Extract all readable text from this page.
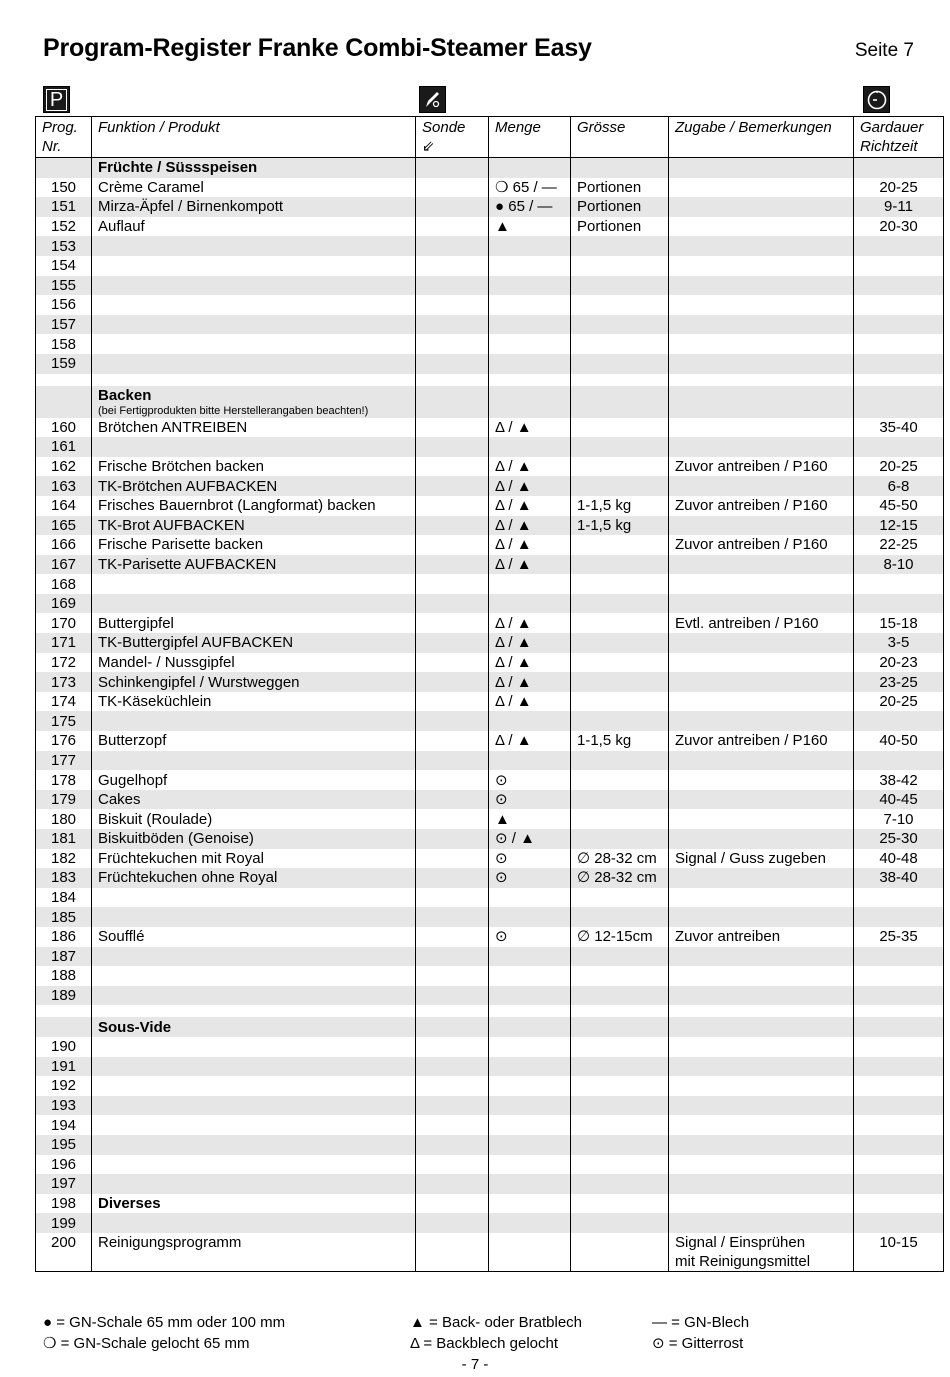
Program-Register Franke Combi-Steamer Easy	Seite 7
P
Prog. Nr.	Funktion / Produkt	Sonde ⇙	Menge	Grösse	Zugabe / Bemerkungen	Gardauer Richtzeit
	Früchte / Süssspeisen					
150	Crème Caramel		❍ 65 / —	Portionen		20-25
151	Mirza-Äpfel / Birnenkompott		● 65 / —	Portionen		9-11
152	Auflauf		▲	Portionen		20-30
153						
154						
155						
156						
157						
158						
159						

	Backen
(bei Fertigprodukten bitte Herstellerangaben beachten!)					

160	Brötchen ANTREIBEN		Δ / ▲			35-40
161						
162	Frische Brötchen backen		Δ / ▲		Zuvor antreiben / P160	20-25
163	TK-Brötchen AUFBACKEN		Δ / ▲			6-8
164	Frisches Bauernbrot (Langformat) backen		Δ / ▲	1-1,5 kg	Zuvor antreiben / P160	45-50
165	TK-Brot AUFBACKEN		Δ / ▲	1-1,5 kg		12-15
166	Frische Parisette backen		Δ / ▲		Zuvor antreiben / P160	22-25
167	TK-Parisette AUFBACKEN		Δ / ▲			8-10
168						
169						
170	Buttergipfel		Δ / ▲		Evtl. antreiben / P160	15-18
171	TK-Buttergipfel AUFBACKEN		Δ / ▲			3-5
172	Mandel- / Nussgipfel		Δ / ▲			20-23
173	Schinkengipfel / Wurstweggen		Δ / ▲			23-25
174	TK-Käseküchlein		Δ / ▲			20-25
175						
176	Butterzopf		Δ / ▲	1-1,5 kg	Zuvor antreiben / P160	40-50
177						
178	Gugelhopf		⊙			38-42
179	Cakes		⊙			40-45
180	Biskuit (Roulade)		▲			7-10
181	Biskuitböden (Genoise)		⊙ / ▲			25-30
182	Früchtekuchen mit Royal		⊙	∅ 28-32 cm	Signal / Guss zugeben	40-48
183	Früchtekuchen ohne Royal		⊙	∅ 28-32 cm		38-40
184						
185						
186	Soufflé		⊙	∅ 12-15cm	Zuvor antreiben	25-35
187						
188						
189						

	Sous-Vide					
190						
191						
192						
193						
194						
195						
196						
197						
198	Diverses					
199						
200	Reinigungsprogramm				Signal / Einsprühen
mit Reinigungsmittel	10-15
● = GN-Schale 65 mm oder 100 mm
❍ = GN-Schale gelocht 65 mm
▲ = Back- oder Bratblech
Δ = Backblech gelocht
— = GN-Blech
⊙ = Gitterrost
- 7 -
